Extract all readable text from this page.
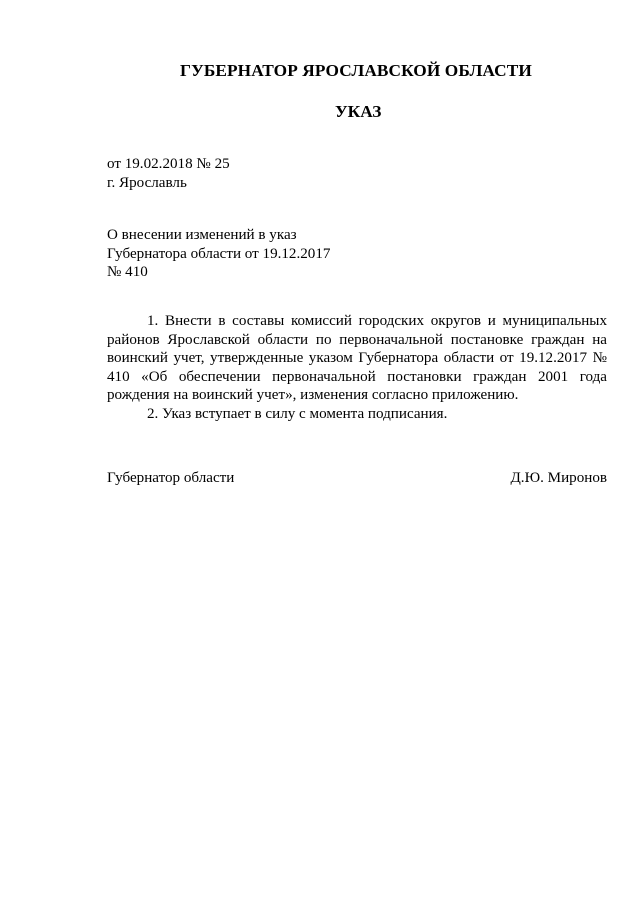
ГУБЕРНАТОР ЯРОСЛАВСКОЙ ОБЛАСТИ
УКАЗ
от 19.02.2018 № 25
г. Ярославль
О внесении изменений в указ
Губернатора области от 19.12.2017
№ 410

1. Внести в составы комиссий городских округов и муниципальных районов Ярославской области по первоначальной постановке граждан на воинский учет, утвержденные указом Губернатора области от 19.12.2017 № 410 «Об обеспечении первоначальной постановки граждан 2001 года рождения на воинский учет», изменения согласно приложению.

2. Указ вступает в силу с момента подписания.

Губернатор области	Д.Ю. Миронов
